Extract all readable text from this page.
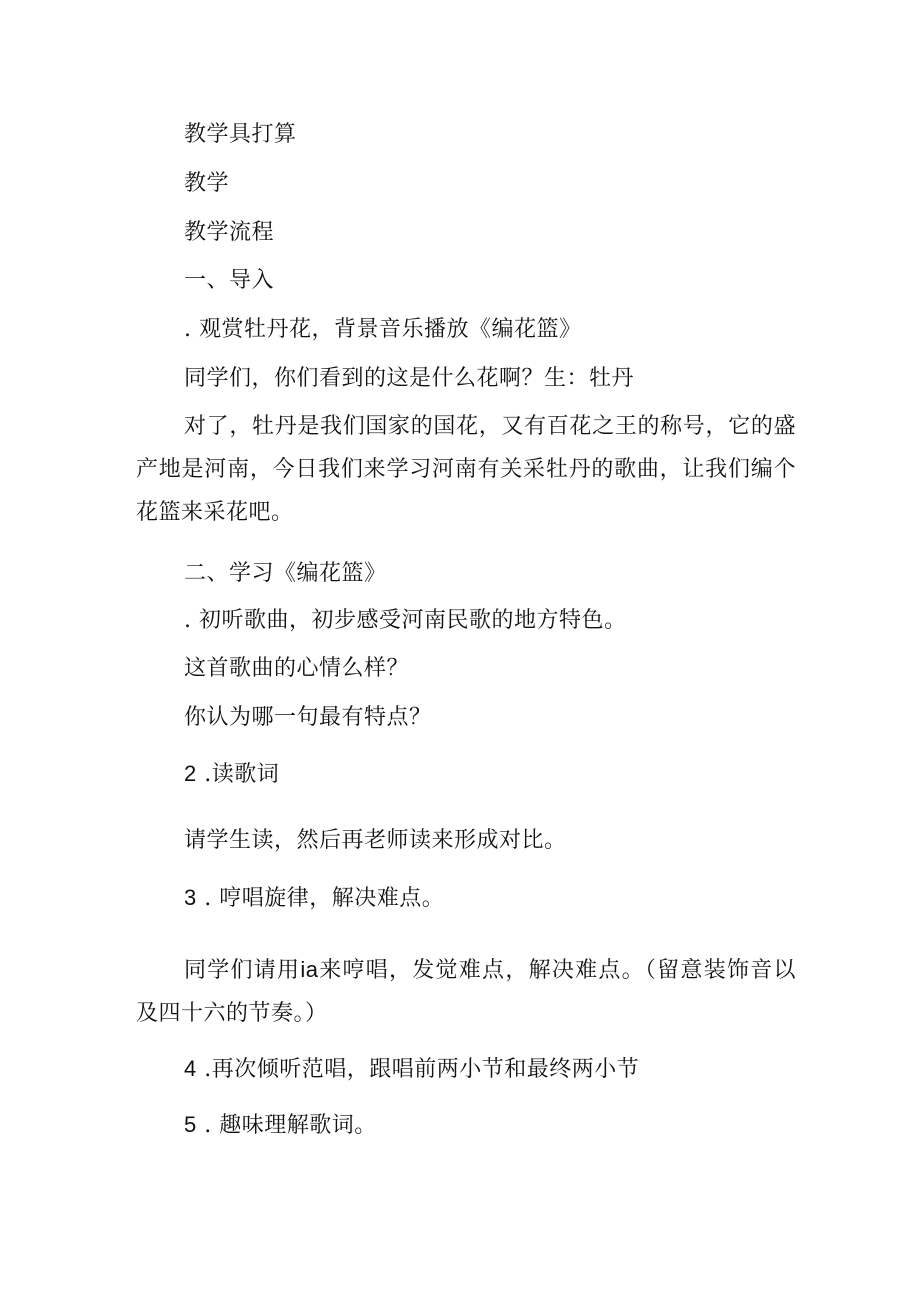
教学具打算
教学
教学流程
一、导入
. 观赏牡丹花，背景音乐播放《编花篮》
同学们，你们看到的这是什么花啊？生：牡丹
对了，牡丹是我们国家的国花，又有百花之王的称号，它的盛产地是河南，今日我们来学习河南有关采牡丹的歌曲，让我们编个花篮来采花吧。
二、学习《编花篮》
. 初听歌曲，初步感受河南民歌的地方特色。
这首歌曲的心情么样？
你认为哪一句最有特点？
2 .读歌词
请学生读，然后再老师读来形成对比。
3 . 哼唱旋律，解决难点。
同学们请用ia来哼唱，发觉难点，解决难点。（留意装饰音以及四十六的节奏。）
4 .再次倾听范唱，跟唱前两小节和最终两小节
5 . 趣味理解歌词。
